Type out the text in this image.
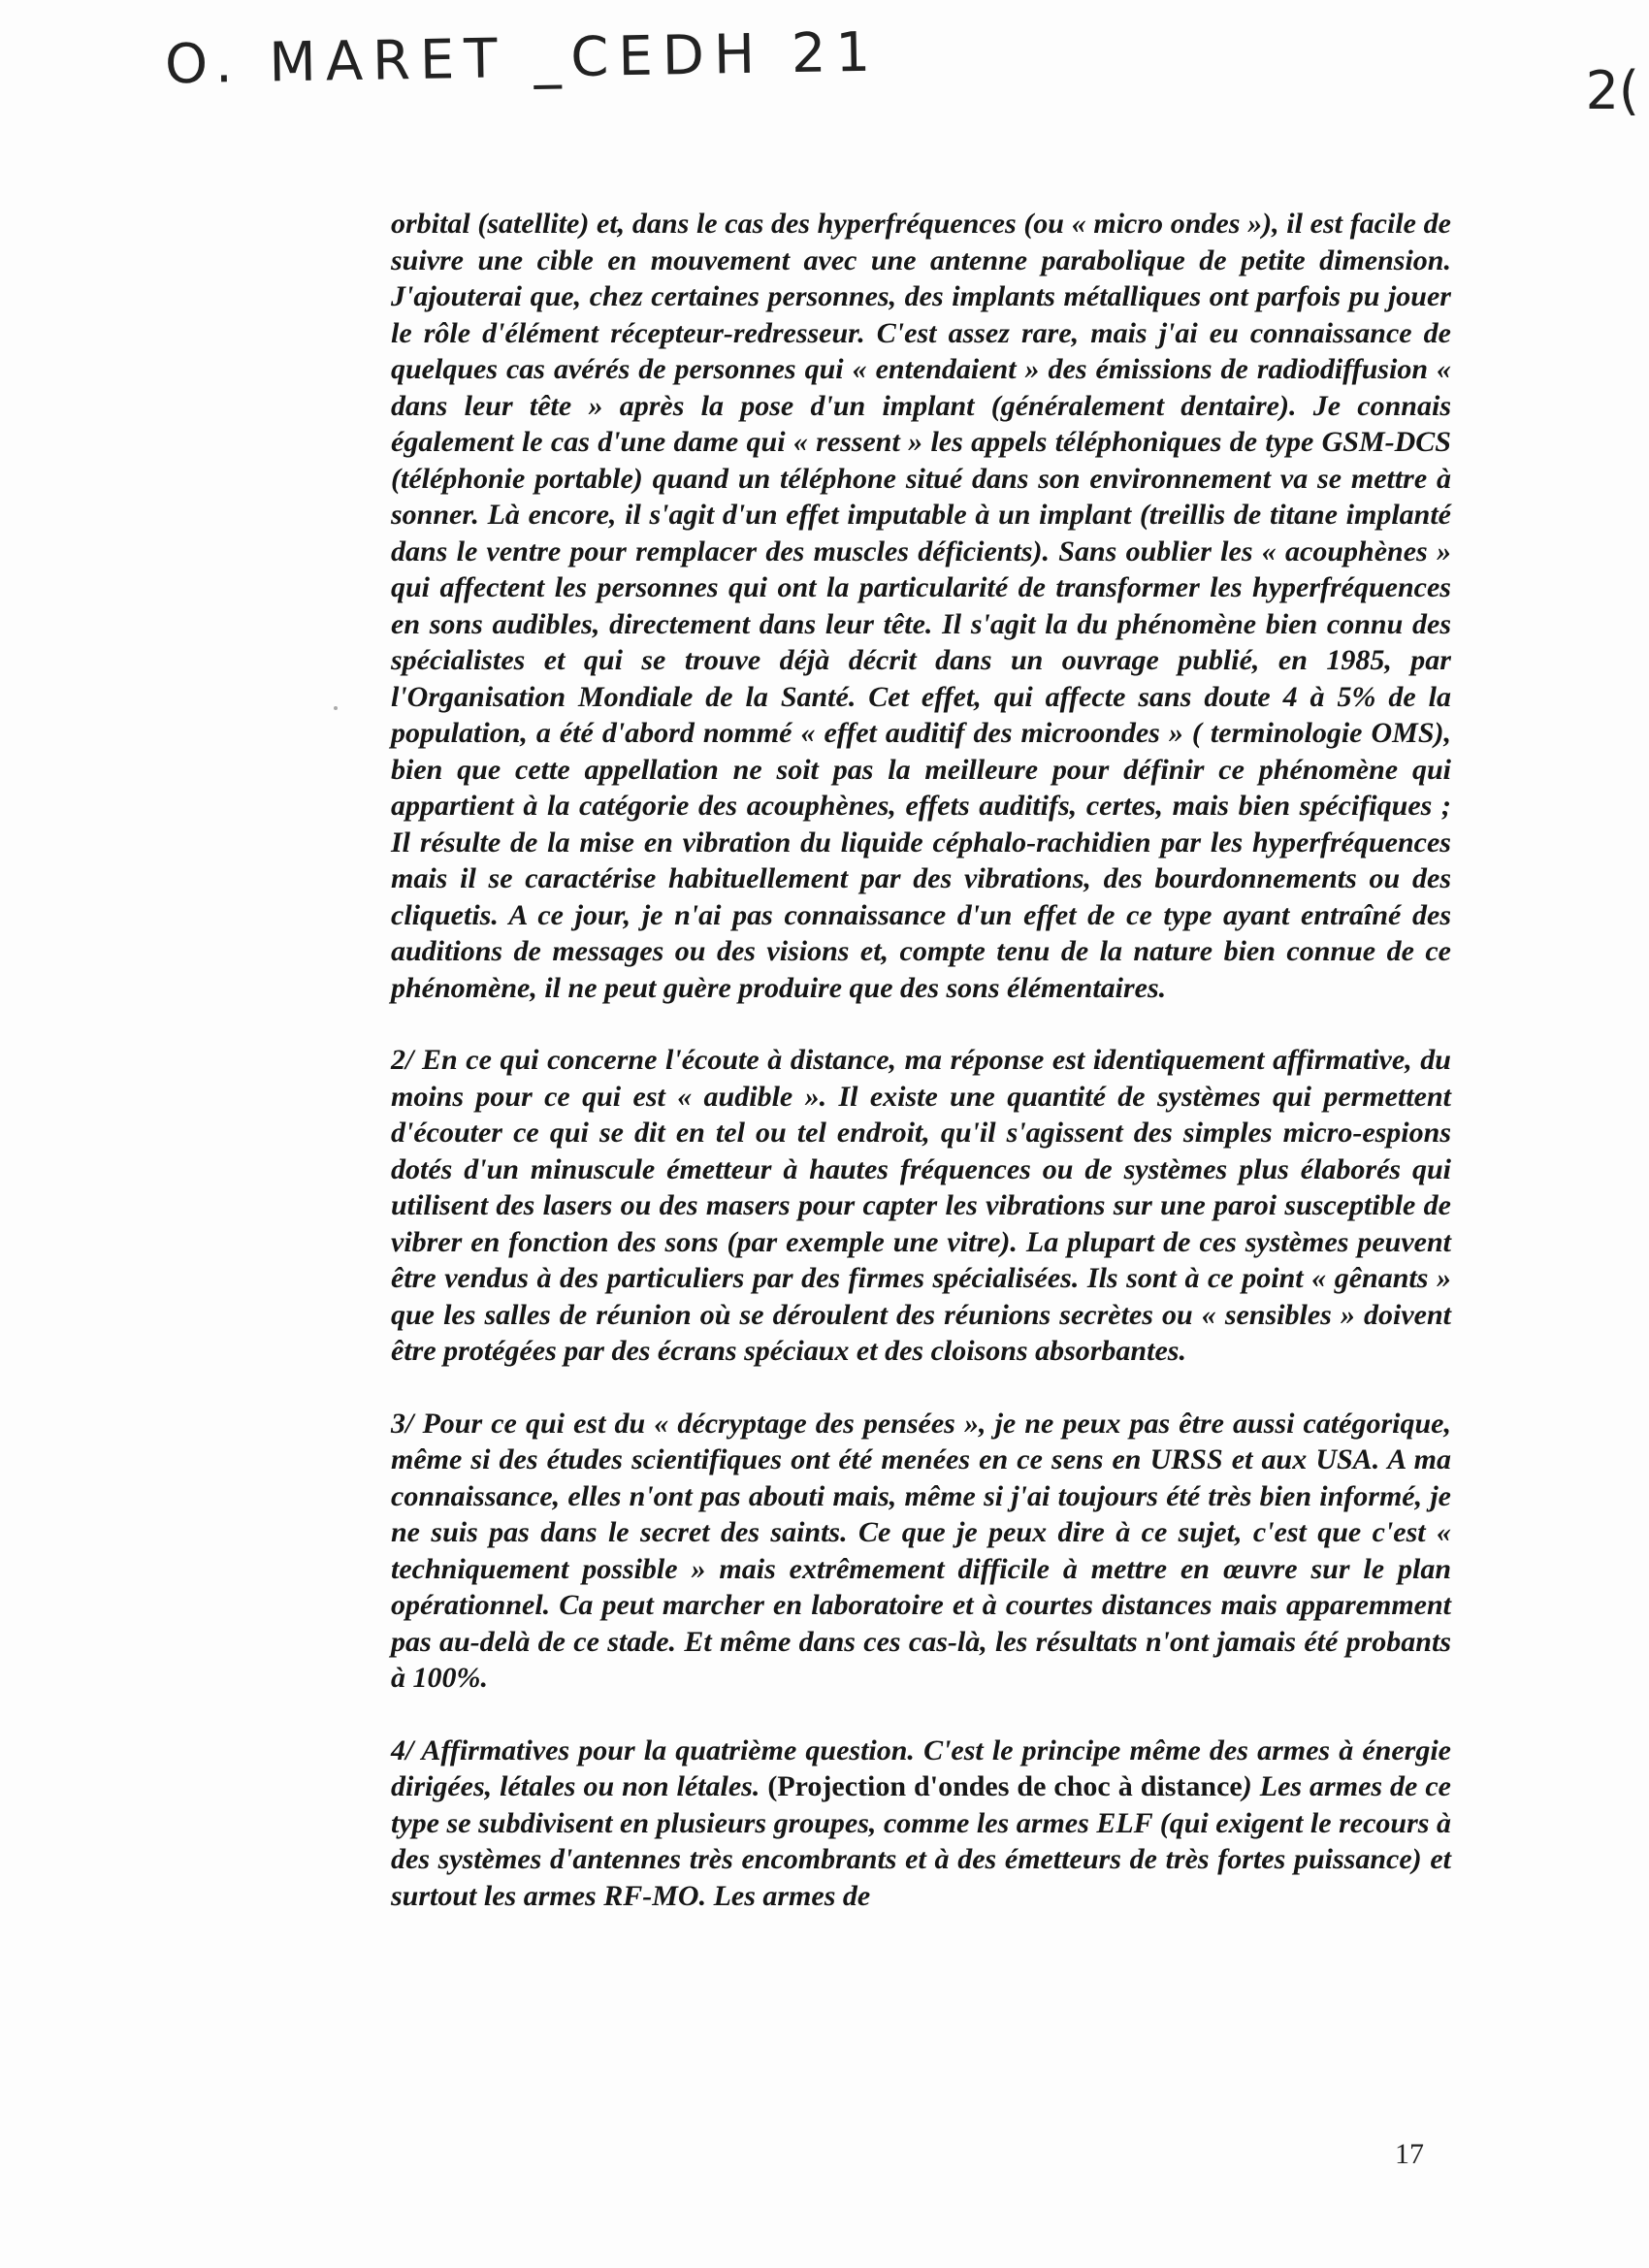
O. MARET _CEDH 21	2(

orbital (satellite) et, dans le cas des hyperfréquences (ou « micro ondes »), il est facile de suivre une cible en mouvement avec une antenne parabolique de petite dimension. J'ajouterai que, chez certaines personnes, des implants métalliques ont parfois pu jouer le rôle d'élément récepteur-redresseur. C'est assez rare, mais j'ai eu connaissance de quelques cas avérés de personnes qui « entendaient » des émissions de radiodiffusion « dans leur tête » après la pose d'un implant (généralement dentaire). Je connais également le cas d'une dame qui « ressent » les appels téléphoniques de type GSM-DCS (téléphonie portable) quand un téléphone situé dans son environnement va se mettre à sonner. Là encore, il s'agit d'un effet imputable à un implant (treillis de titane implanté dans le ventre pour remplacer des muscles déficients). Sans oublier les « acouphènes » qui affectent les personnes qui ont la particularité de transformer les hyperfréquences en sons audibles, directement dans leur tête. Il s'agit la du phénomène bien connu des spécialistes et qui se trouve déjà décrit dans un ouvrage publié, en 1985, par l'Organisation Mondiale de la Santé. Cet effet, qui affecte sans doute 4 à 5% de la population, a été d'abord nommé « effet auditif des microondes » ( terminologie OMS), bien que cette appellation ne soit pas la meilleure pour définir ce phénomène qui appartient à la catégorie des acouphènes, effets auditifs, certes, mais bien spécifiques ; Il résulte de la mise en vibration du liquide céphalo-rachidien par les hyperfréquences mais il se caractérise habituellement par des vibrations, des bourdonnements ou des cliquetis. A ce jour, je n'ai pas connaissance d'un effet de ce type ayant entraîné des auditions de messages ou des visions et, compte tenu de la nature bien connue de ce phénomène, il ne peut guère produire que des sons élémentaires.

2/ En ce qui concerne l'écoute à distance, ma réponse est identiquement affirmative, du moins pour ce qui est « audible ». Il existe une quantité de systèmes qui permettent d'écouter ce qui se dit en tel ou tel endroit, qu'il s'agissent des simples micro-espions dotés d'un minuscule émetteur à hautes fréquences ou de systèmes plus élaborés qui utilisent des lasers ou des masers pour capter les vibrations sur une paroi susceptible de vibrer en fonction des sons (par exemple une vitre). La plupart de ces systèmes peuvent être vendus à des particuliers par des firmes spécialisées. Ils sont à ce point « gênants » que les salles de réunion où se déroulent des réunions secrètes ou « sensibles » doivent être protégées par des écrans spéciaux et des cloisons absorbantes.

3/ Pour ce qui est du « décryptage des pensées », je ne peux pas être aussi catégorique, même si des études scientifiques ont été menées en ce sens en URSS et aux USA. A ma connaissance, elles n'ont pas abouti mais, même si j'ai toujours été très bien informé, je ne suis pas dans le secret des saints. Ce que je peux dire à ce sujet, c'est que c'est « techniquement possible » mais extrêmement difficile à mettre en œuvre sur le plan opérationnel. Ca peut marcher en laboratoire et à courtes distances mais apparemment pas au-delà de ce stade. Et même dans ces cas-là, les résultats n'ont jamais été probants à 100%.

4/ Affirmatives pour la quatrième question. C'est le principe même des armes à énergie dirigées, létales ou non létales. (Projection d'ondes de choc à distance) Les armes de ce type se subdivisent en plusieurs groupes, comme les armes ELF (qui exigent le recours à des systèmes d'antennes très encombrants et à des émetteurs de très fortes puissance) et surtout les armes RF-MO. Les armes de

17
